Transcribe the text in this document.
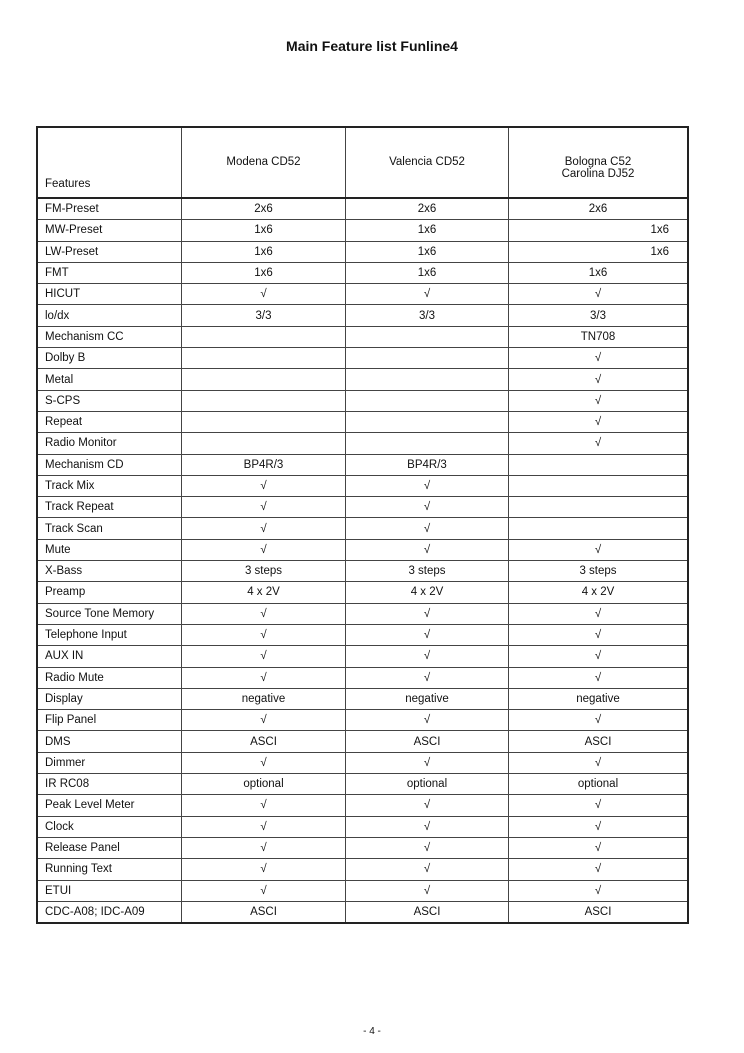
Main Feature list Funline4
Features	Modena CD52	Valencia CD52	Bologna C52
Carolina DJ52

FM-Preset	2x6	2x6	2x6
MW-Preset	1x6	1x6	1x6
LW-Preset	1x6	1x6	1x6
FMT	1x6	1x6	1x6
HICUT	√	√	√
lo/dx	3/3	3/3	3/3
Mechanism CC			TN708
Dolby B			√
Metal			√
S-CPS			√
Repeat			√
Radio Monitor			√
Mechanism CD	BP4R/3	BP4R/3	
Track Mix	√	√	
Track Repeat	√	√	
Track Scan	√	√	
Mute	√	√	√
X-Bass	3 steps	3 steps	3 steps
Preamp	4 x 2V	4 x 2V	4 x 2V
Source Tone Memory	√	√	√
Telephone Input	√	√	√
AUX IN	√	√	√
Radio Mute	√	√	√
Display	negative	negative	negative
Flip Panel	√	√	√
DMS	ASCI	ASCI	ASCI
Dimmer	√	√	√
IR RC08	optional	optional	optional
Peak Level Meter	√	√	√
Clock	√	√	√
Release Panel	√	√	√
Running Text	√	√	√
ETUI	√	√	√
CDC-A08; IDC-A09	ASCI	ASCI	ASCI
- 4 -
